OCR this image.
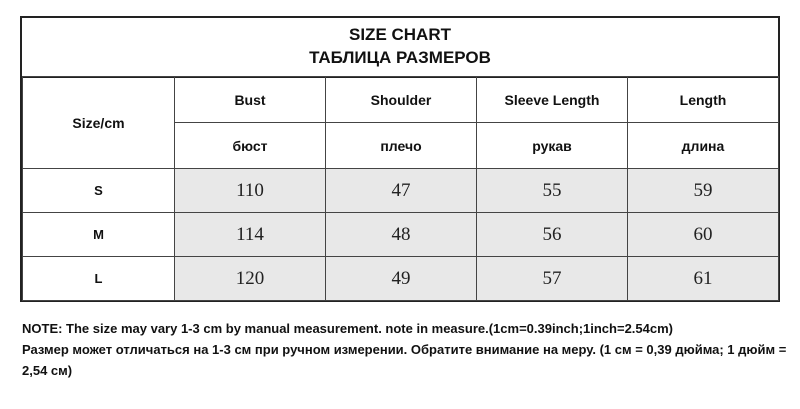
SIZE CHART
ТАБЛИЦА РАЗМЕРОВ
Size/cm	Bust	Shoulder	Sleeve Length	Length
	бюст	плечо	рукав	длина
S	110	47	55	59
M	114	48	56	60
L	120	49	57	61
NOTE: The size may vary 1-3 cm by manual measurement. note in measure.(1cm=0.39inch;1inch=2.54cm)
Размер может отличаться на 1-3 см при ручном измерении. Обратите внимание на меру. (1 см = 0,39 дюйма; 1 дюйм = 2,54 см)
